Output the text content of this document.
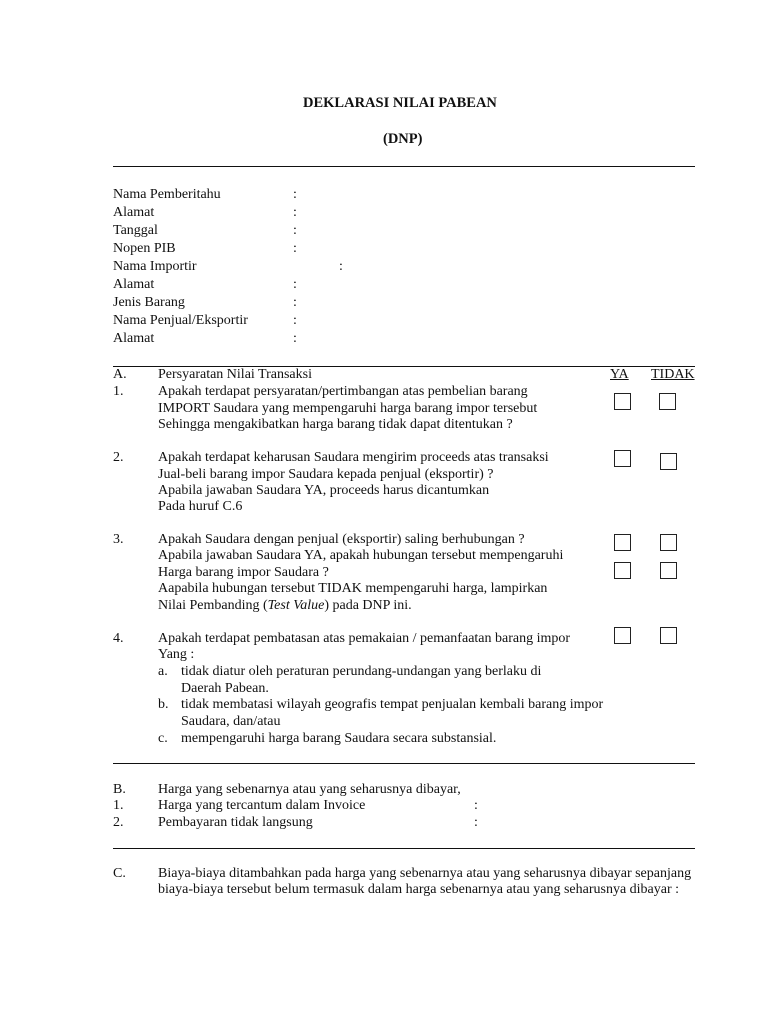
DEKLARASI NILAI PABEAN
(DNP)
Nama Pemberitahu	:
Alamat	:
Tanggal	:
Nopen PIB	:
Nama Importir	:
Alamat	:
Jenis Barang	:
Nama Penjual/Eksportir	:
Alamat	:
A. Persyaratan Nilai Transaksi	YA TIDAK
1. Apakah terdapat persyaratan/pertimbangan atas pembelian barang
IMPORT Saudara yang mempengaruhi harga barang impor tersebut
Sehingga mengakibatkan harga barang tidak dapat ditentukan ?
2. Apakah terdapat keharusan Saudara mengirim proceeds atas transaksi
Jual-beli barang impor Saudara kepada penjual (eksportir) ?
Apabila jawaban Saudara YA, proceeds harus dicantumkan
Pada huruf C.6
3. Apakah Saudara dengan penjual (eksportir) saling berhubungan ?
Apabila jawaban Saudara YA, apakah hubungan tersebut mempengaruhi
Harga barang impor Saudara ?
Aapabila hubungan tersebut TIDAK mempengaruhi harga, lampirkan
Nilai Pembanding (Test Value) pada DNP ini.
4. Apakah terdapat pembatasan atas pemakaian / pemanfaatan barang impor
Yang :
a. tidak diatur oleh peraturan perundang-undangan yang berlaku di
Daerah Pabean.
b. tidak membatasi wilayah geografis tempat penjualan kembali barang impor
Saudara, dan/atau
c. mempengaruhi harga barang Saudara secara substansial.
B. Harga yang sebenarnya atau yang seharusnya dibayar,
1. Harga yang tercantum dalam Invoice	:
2. Pembayaran tidak langsung	:
C. Biaya-biaya ditambahkan pada harga yang sebenarnya atau yang seharusnya dibayar sepanjang
biaya-biaya tersebut belum termasuk dalam harga sebenarnya atau yang seharusnya dibayar :
